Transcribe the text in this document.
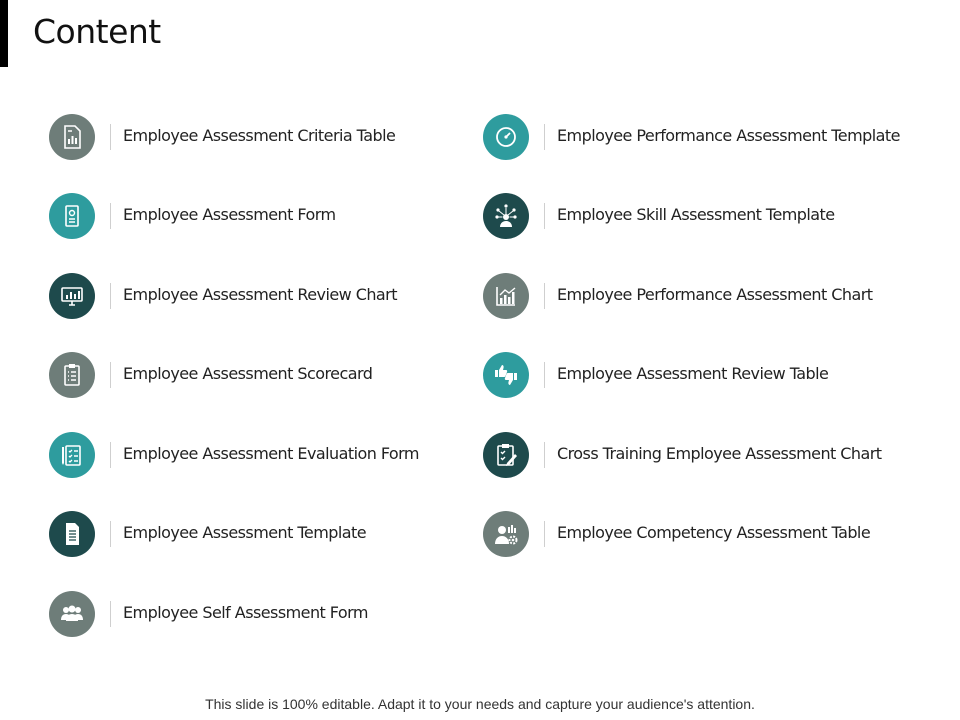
Content
Employee Assessment Criteria Table
Employee Assessment Form
Employee Assessment Review Chart
Employee Assessment Scorecard
Employee Assessment Evaluation Form
Employee Assessment Template
Employee Self Assessment Form
Employee Performance Assessment Template
Employee Skill Assessment Template
Employee Performance Assessment Chart
Employee Assessment Review Table
Cross Training Employee Assessment Chart
Employee Competency Assessment Table
This slide is 100% editable. Adapt it to your needs and capture your audience's attention.
